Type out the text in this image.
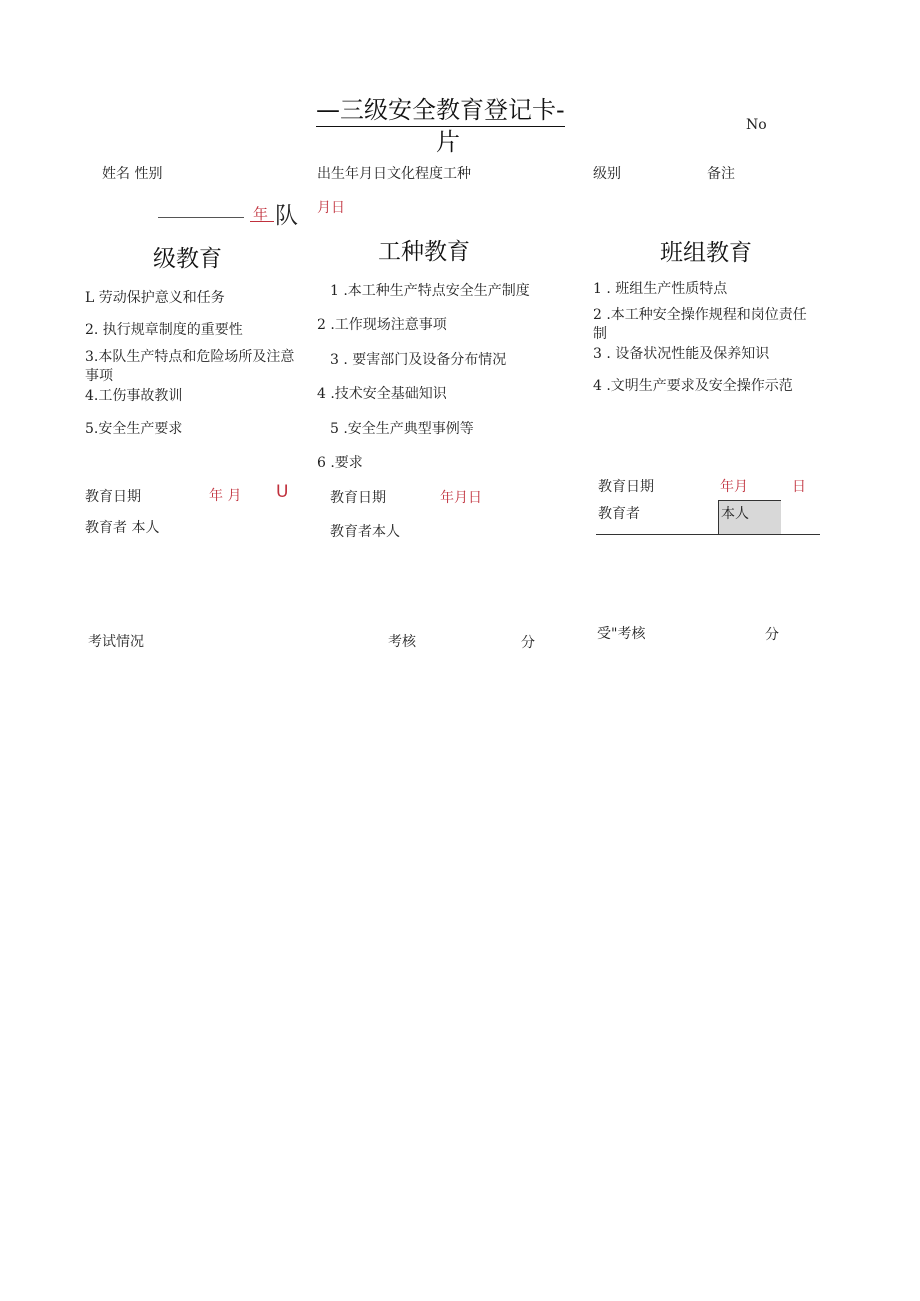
—三级安全教育登记卡-
片
No
姓名 性别	出生年月日文化程度工种	级别	备注
年 队 月日
级教育	工种教育	班组教育
L 劳动保护意义和任务
2. 执行规章制度的重要性
3.本队生产特点和危险场所及注意
事项
4.工伤事故教训
5.安全生产要求
1 .本工种生产特点安全生产制度
2 .工作现场注意事项
3 . 要害部门及设备分布情况
4 .技术安全基础知识
5 .安全生产典型事例等
6 .要求
1 . 班组生产性质特点
2 .本工种安全操作规程和岗位责任
制
3 . 设备状况性能及保养知识
4 .文明生产要求及安全操作示范
教育日期	年 月 U
教育者 本人
教育日期	年月日
教育者本人
教育日期	年月	日
教育者	本人
考试情况	考核	分
受"考核	分
